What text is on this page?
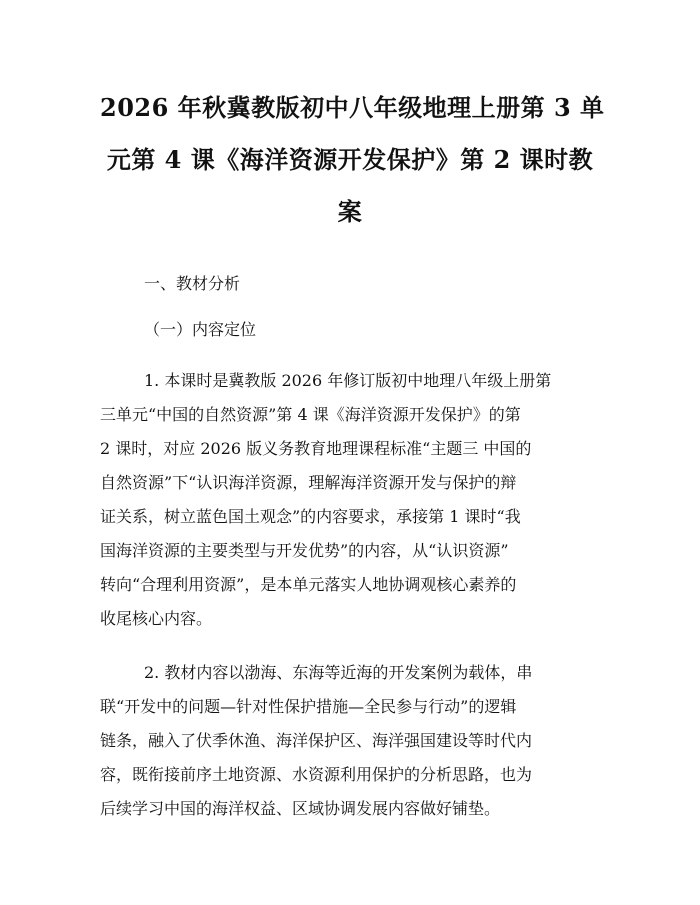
2026 年秋冀教版初中八年级地理上册第 3 单
元第 4 课《海洋资源开发保护》第 2 课时教
案

一、教材分析

（一）内容定位

1. 本课时是冀教版 2026 年修订版初中地理八年级上册第
三单元“中国的自然资源”第 4 课《海洋资源开发保护》的第
2 课时，对应 2026 版义务教育地理课程标准“主题三 中国的
自然资源”下“认识海洋资源，理解海洋资源开发与保护的辩
证关系，树立蓝色国土观念”的内容要求，承接第 1 课时“我
国海洋资源的主要类型与开发优势”的内容，从“认识资源”
转向“合理利用资源”，是本单元落实人地协调观核心素养的
收尾核心内容。

2. 教材内容以渤海、东海等近海的开发案例为载体，串
联“开发中的问题—针对性保护措施—全民参与行动”的逻辑
链条，融入了伏季休渔、海洋保护区、海洋强国建设等时代内
容，既衔接前序土地资源、水资源利用保护的分析思路，也为
后续学习中国的海洋权益、区域协调发展内容做好铺垫。
